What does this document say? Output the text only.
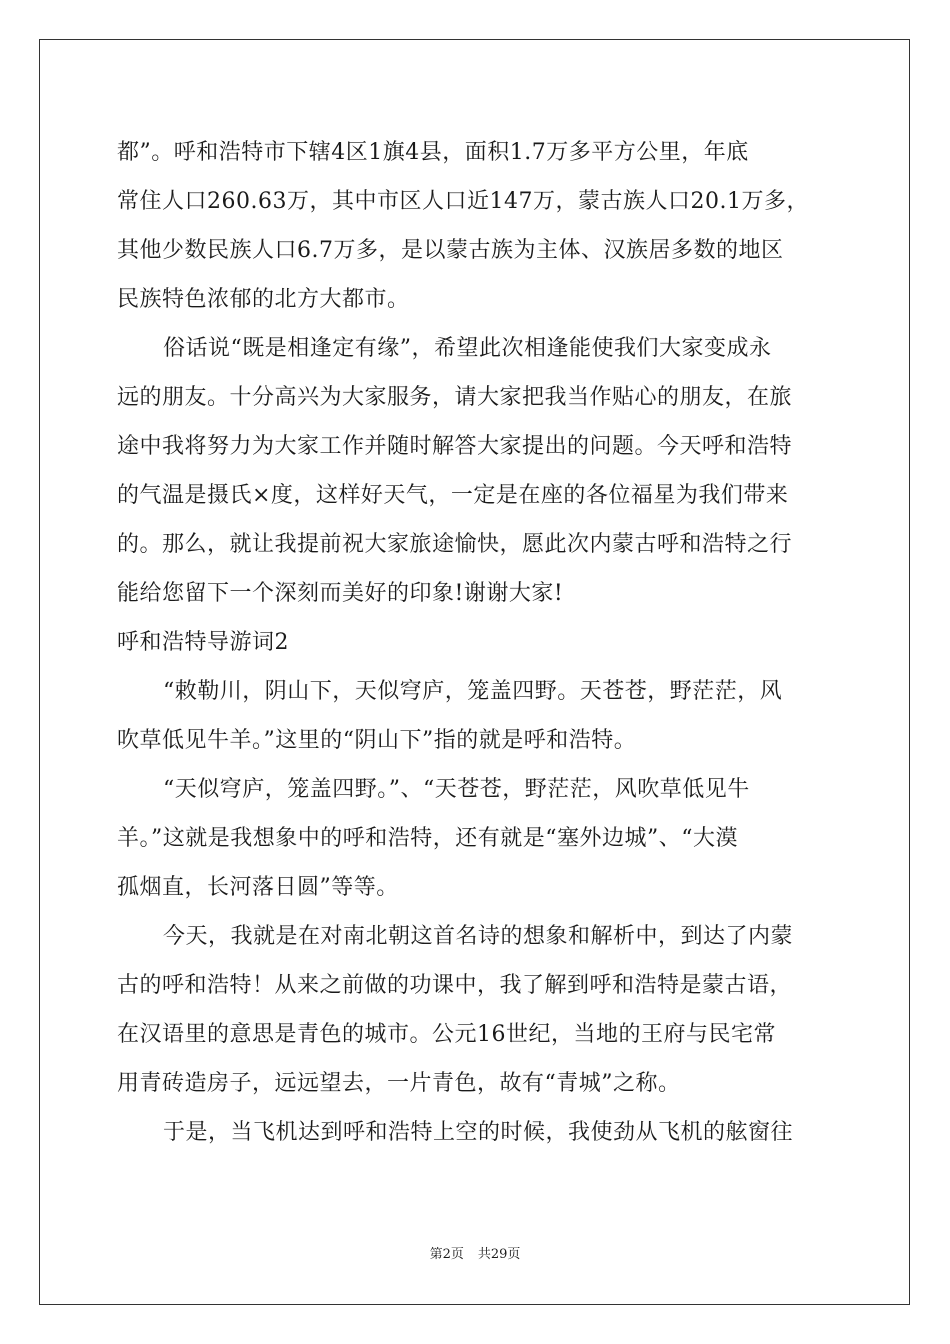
都”。呼和浩特市下辖4区1旗4县，面积1.7万多平方公里，年底
常住人口260.63万，其中市区人口近147万，蒙古族人口20.1万多，
其他少数民族人口6.7万多，是以蒙古族为主体、汉族居多数的地区
民族特色浓郁的北方大都市。
俗话说“既是相逢定有缘”，希望此次相逢能使我们大家变成永
远的朋友。十分高兴为大家服务，请大家把我当作贴心的朋友，在旅
途中我将努力为大家工作并随时解答大家提出的问题。今天呼和浩特
的气温是摄氏×度，这样好天气，一定是在座的各位福星为我们带来
的。那么，就让我提前祝大家旅途愉快，愿此次内蒙古呼和浩特之行
能给您留下一个深刻而美好的印象!谢谢大家!
呼和浩特导游词2
“敕勒川，阴山下，天似穹庐，笼盖四野。天苍苍，野茫茫，风
吹草低见牛羊。”这里的“阴山下”指的就是呼和浩特。
“天似穹庐，笼盖四野。”、“天苍苍，野茫茫，风吹草低见牛
羊。”这就是我想象中的呼和浩特，还有就是“塞外边城”、“大漠
孤烟直，长河落日圆”等等。
今天，我就是在对南北朝这首名诗的想象和解析中，到达了内蒙
古的呼和浩特！从来之前做的功课中，我了解到呼和浩特是蒙古语，
在汉语里的意思是青色的城市。公元16世纪，当地的王府与民宅常
用青砖造房子，远远望去，一片青色，故有“青城”之称。
于是，当飞机达到呼和浩特上空的时候，我使劲从飞机的舷窗往
第2页 共29页
